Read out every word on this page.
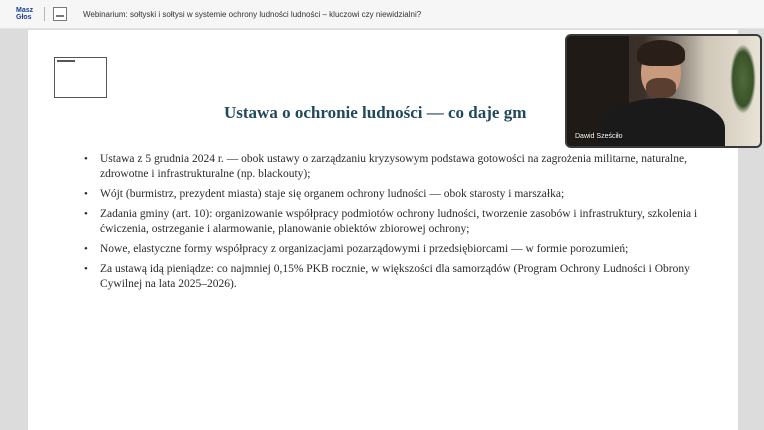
Masz Głos	Webinarium: sołtyski i sołtysi w systemie ochrony ludności ludności – kluczowi czy niewidzialni?
Ustawa o ochronie ludności — co daje gm
• Ustawa z 5 grudnia 2024 r. — obok ustawy o zarządzaniu kryzysowym podstawa gotowości na zagrożenia militarne, naturalne, zdrowotne i infrastrukturalne (np. blackouty);
• Wójt (burmistrz, prezydent miasta) staje się organem ochrony ludności — obok starosty i marszałka;
• Zadania gminy (art. 10): organizowanie współpracy podmiotów ochrony ludności, tworzenie zasobów i infrastruktury, szkolenia i ćwiczenia, ostrzeganie i alarmowanie, planowanie obiektów zbiorowej ochrony;
• Nowe, elastyczne formy współpracy z organizacjami pozarządowymi i przedsiębiorcami — w formie porozumień;
• Za ustawą idą pieniądze: co najmniej 0,15% PKB rocznie, w większości dla samorządów (Program Ochrony Ludności i Obrony Cywilnej na lata 2025–2026).
Dawid Sześciło
